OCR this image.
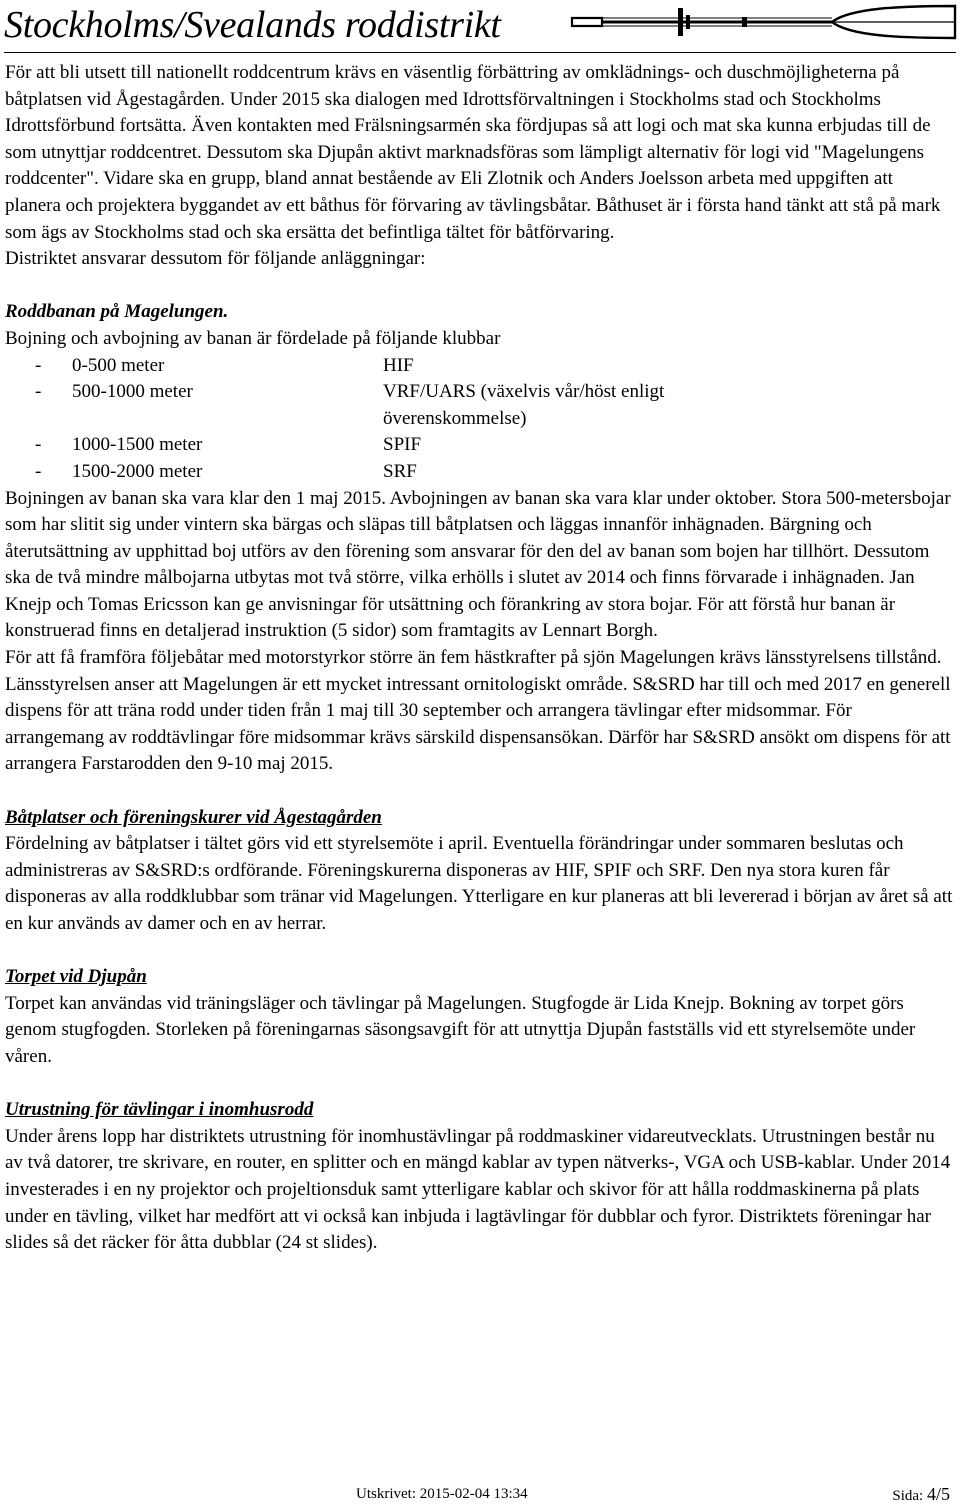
Stockholms/Svealands roddistrikt

För att bli utsett till nationellt roddcentrum krävs en väsentlig förbättring av omklädnings- och duschmöjligheterna på båtplatsen vid Ågestagården. Under 2015 ska dialogen med Idrottsförvaltningen i Stockholms stad och Stockholms Idrottsförbund fortsätta. Även kontakten med Frälsningsarmén ska fördjupas så att logi och mat ska kunna erbjudas till de som utnyttjar roddcentret. Dessutom ska Djupån aktivt marknadsföras som lämpligt alternativ för logi vid "Magelungens roddcenter". Vidare ska en grupp, bland annat bestående av Eli Zlotnik och Anders Joelsson arbeta med uppgiften att planera och projektera byggandet av ett båthus för förvaring av tävlingsbåtar. Båthuset är i första hand tänkt att stå på mark som ägs av Stockholms stad och ska ersätta det befintliga tältet för båtförvaring.

Distriktet ansvarar dessutom för följande anläggningar:

Roddbanan på Magelungen.

Bojning och avbojning av banan är fördelade på följande klubbar

- 0-500 meter	HIF
- 500-1000 meter	VRF/UARS (växelvis vår/höst enligt överenskommelse)
- 1000-1500 meter	SPIF
- 1500-2000 meter	SRF

Bojningen av banan ska vara klar den 1 maj 2015. Avbojningen av banan ska vara klar under oktober. Stora 500-metersbojar som har slitit sig under vintern ska bärgas och släpas till båtplatsen och läggas innanför inhägnaden. Bärgning och återutsättning av upphittad boj utförs av den förening som ansvarar för den del av banan som bojen har tillhört. Dessutom ska de två mindre målbojarna utbytas mot två större, vilka erhölls i slutet av 2014 och finns förvarade i inhägnaden. Jan Knejp och Tomas Ericsson kan ge anvisningar för utsättning och förankring av stora bojar. För att förstå hur banan är konstruerad finns en detaljerad instruktion (5 sidor) som framtagits av Lennart Borgh.

För att få framföra följebåtar med motorstyrkor större än fem hästkrafter på sjön Magelungen krävs länsstyrelsens tillstånd. Länsstyrelsen anser att Magelungen är ett mycket intressant ornitologiskt område. S&SRD har till och med 2017 en generell dispens för att träna rodd under tiden från 1 maj till 30 september och arrangera tävlingar efter midsommar. För arrangemang av roddtävlingar före midsommar krävs särskild dispensansökan. Därför har S&SRD ansökt om dispens för att arrangera Farstarodden den 9-10 maj 2015.

Båtplatser och föreningskurer vid Ågestagården

Fördelning av båtplatser i tältet görs vid ett styrelsemöte i april. Eventuella förändringar under sommaren beslutas och administreras av S&SRD:s ordförande. Föreningskurerna disponeras av HIF, SPIF och SRF. Den nya stora kuren får disponeras av alla roddklubbar som tränar vid Magelungen. Ytterligare en kur planeras att bli levererad i början av året så att en kur används av damer och en av herrar.

Torpet vid Djupån

Torpet kan användas vid träningsläger och tävlingar på Magelungen. Stugfogde är Lida Knejp. Bokning av torpet görs genom stugfogden. Storleken på föreningarnas säsongsavgift för att utnyttja Djupån fastställs vid ett styrelsemöte under våren.

Utrustning för tävlingar i inomhusrodd

Under årens lopp har distriktets utrustning för inomhustävlingar på roddmaskiner vidareutvecklats. Utrustningen består nu av två datorer, tre skrivare, en router, en splitter och en mängd kablar av typen nätverks-, VGA och USB-kablar. Under 2014 investerades i en ny projektor och projeltionsduk samt ytterligare kablar och skivor för att hålla roddmaskinerna på plats under en tävling, vilket har medfört att vi också kan inbjuda i lagtävlingar för dubblar och fyror. Distriktets föreningar har slides så det räcker för åtta dubblar (24 st slides).

Utskrivet: 2015-02-04 13:34	Sida: 4/5
